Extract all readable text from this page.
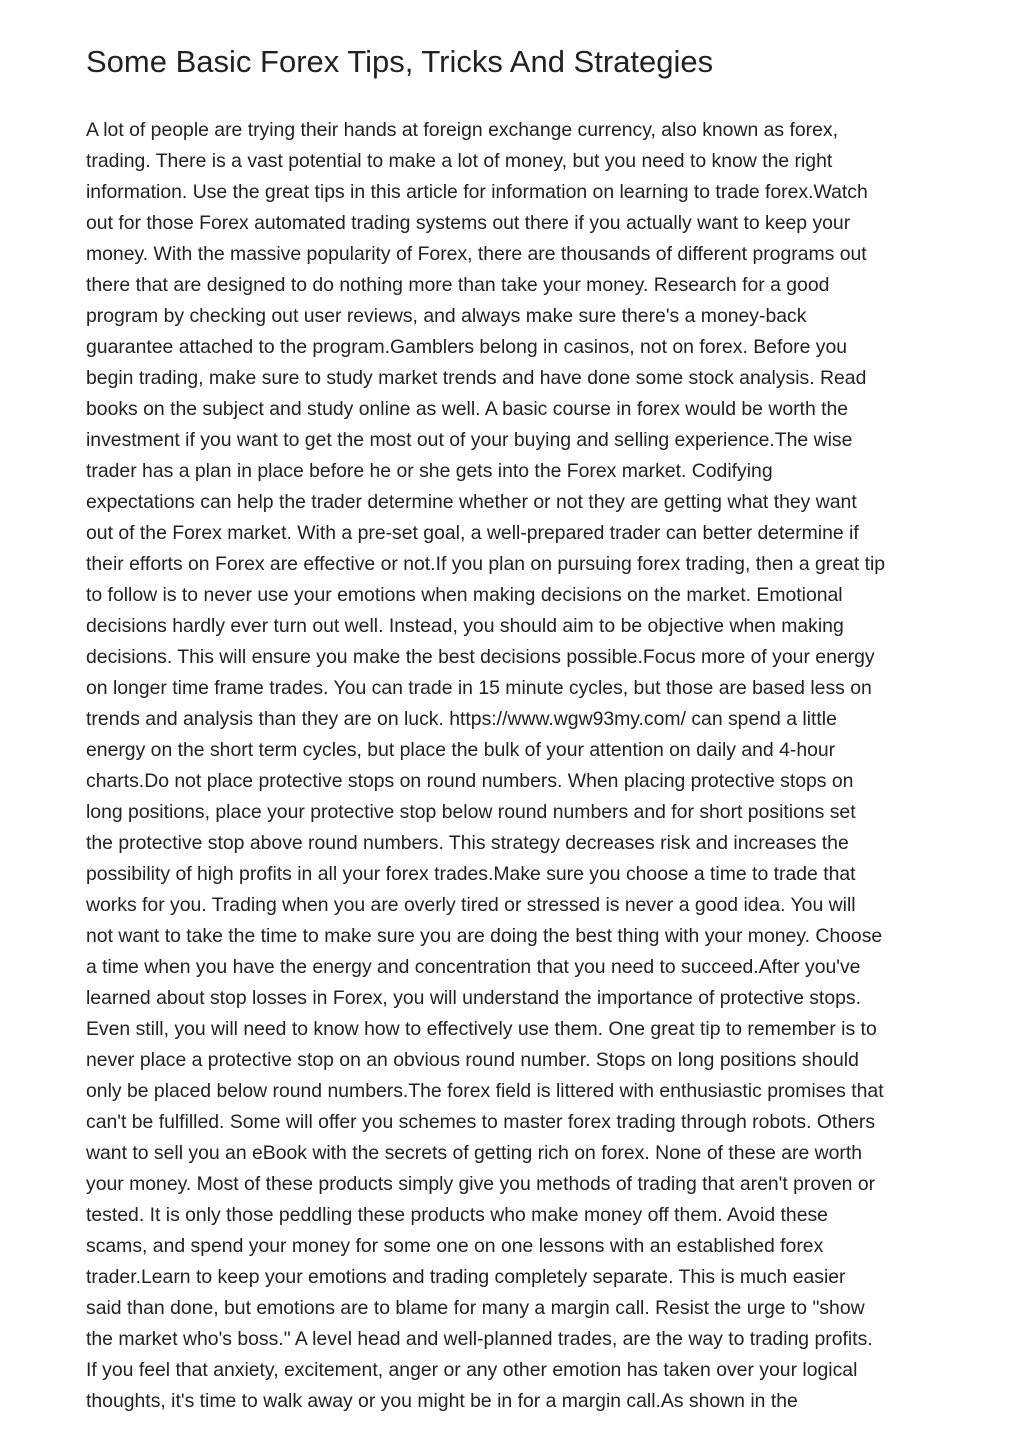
Some Basic Forex Tips, Tricks And Strategies
A lot of people are trying their hands at foreign exchange currency, also known as forex,
trading. There is a vast potential to make a lot of money, but you need to know the right
information. Use the great tips in this article for information on learning to trade forex.Watch
out for those Forex automated trading systems out there if you actually want to keep your
money. With the massive popularity of Forex, there are thousands of different programs out
there that are designed to do nothing more than take your money. Research for a good
program by checking out user reviews, and always make sure there's a money-back
guarantee attached to the program.Gamblers belong in casinos, not on forex. Before you
begin trading, make sure to study market trends and have done some stock analysis. Read
books on the subject and study online as well. A basic course in forex would be worth the
investment if you want to get the most out of your buying and selling experience.The wise
trader has a plan in place before he or she gets into the Forex market. Codifying
expectations can help the trader determine whether or not they are getting what they want
out of the Forex market. With a pre-set goal, a well-prepared trader can better determine if
their efforts on Forex are effective or not.If you plan on pursuing forex trading, then a great tip
to follow is to never use your emotions when making decisions on the market. Emotional
decisions hardly ever turn out well. Instead, you should aim to be objective when making
decisions. This will ensure you make the best decisions possible.Focus more of your energy
on longer time frame trades. You can trade in 15 minute cycles, but those are based less on
trends and analysis than they are on luck. https://www.wgw93my.com/ can spend a little
energy on the short term cycles, but place the bulk of your attention on daily and 4-hour
charts.Do not place protective stops on round numbers. When placing protective stops on
long positions, place your protective stop below round numbers and for short positions set
the protective stop above round numbers. This strategy decreases risk and increases the
possibility of high profits in all your forex trades.Make sure you choose a time to trade that
works for you. Trading when you are overly tired or stressed is never a good idea. You will
not want to take the time to make sure you are doing the best thing with your money. Choose
a time when you have the energy and concentration that you need to succeed.After you've
learned about stop losses in Forex, you will understand the importance of protective stops.
Even still, you will need to know how to effectively use them. One great tip to remember is to
never place a protective stop on an obvious round number. Stops on long positions should
only be placed below round numbers.The forex field is littered with enthusiastic promises that
can't be fulfilled. Some will offer you schemes to master forex trading through robots. Others
want to sell you an eBook with the secrets of getting rich on forex. None of these are worth
your money. Most of these products simply give you methods of trading that aren't proven or
tested. It is only those peddling these products who make money off them. Avoid these
scams, and spend your money for some one on one lessons with an established forex
trader.Learn to keep your emotions and trading completely separate. This is much easier
said than done, but emotions are to blame for many a margin call. Resist the urge to "show
the market who's boss." A level head and well-planned trades, are the way to trading profits.
If you feel that anxiety, excitement, anger or any other emotion has taken over your logical
thoughts, it's time to walk away or you might be in for a margin call.As shown in the
